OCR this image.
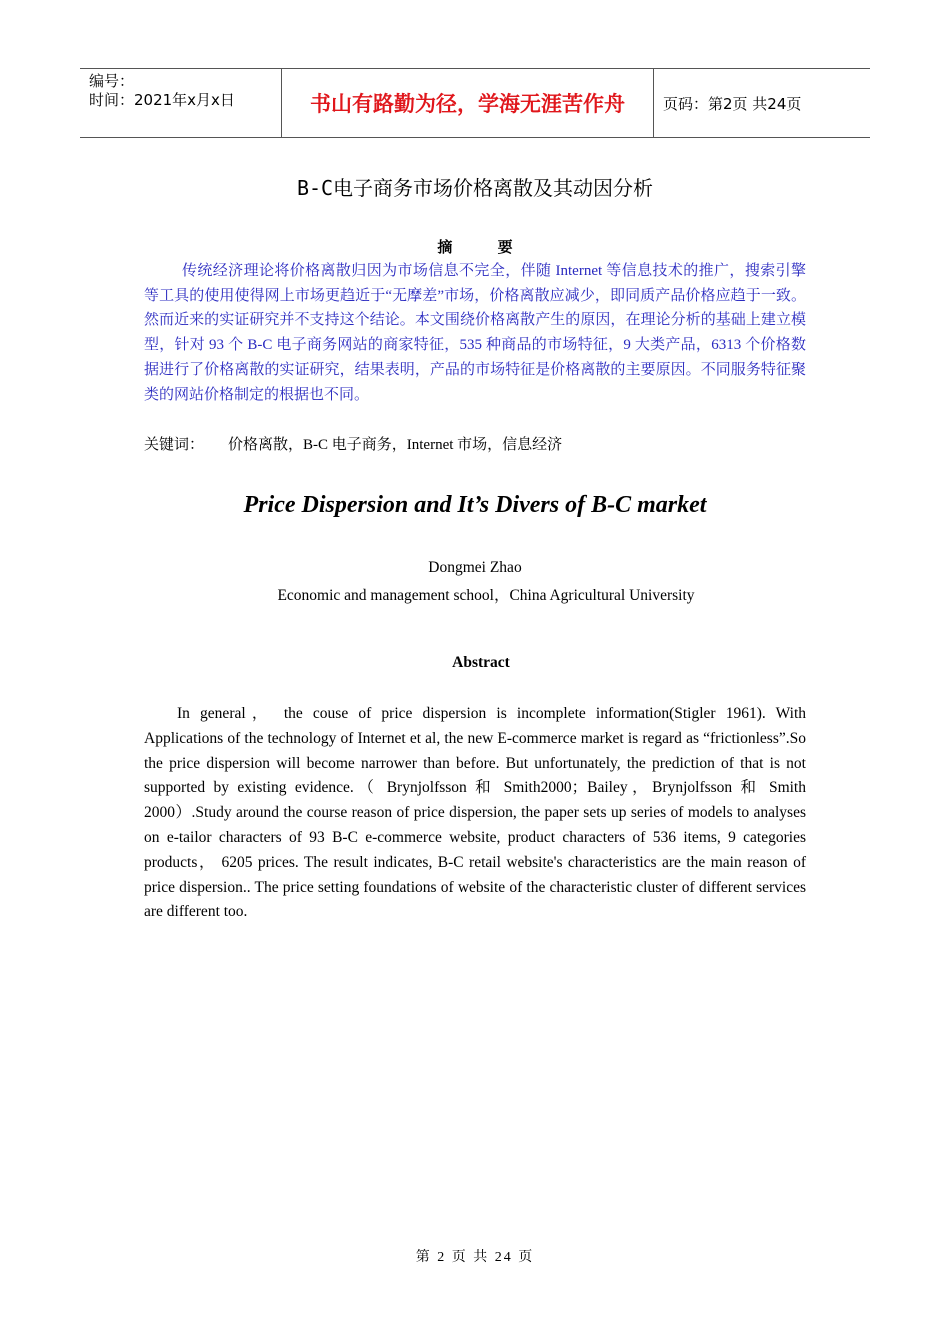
编号：
时间：2021年x月x日	书山有路勤为径，学海无涯苦作舟	页码：第2页 共24页
B-C电子商务市场价格离散及其动因分析
摘 要

传统经济理论将价格离散归因为市场信息不完全，伴随 Internet 等信息技术的推广，搜索引擎等工具的使用使得网上市场更趋近于“无摩差”市场，价格离散应减少，即同质产品价格应趋于一致。然而近来的实证研究并不支持这个结论。本文围绕价格离散产生的原因，在理论分析的基础上建立模型，针对 93 个 B-C 电子商务网站的商家特征，535 种商品的市场特征，9 大类产品，6313 个价格数据进行了价格离散的实证研究，结果表明，产品的市场特征是价格离散的主要原因。不同服务特征聚类的网站价格制定的根据也不同。

关键词： 价格离散，B-C 电子商务，Internet 市场，信息经济
Price Dispersion and It’s Divers of B-C market
Dongmei Zhao
Economic and management school，China Agricultural University
Abstract

In general， the couse of price dispersion is incomplete information(Stigler 1961). With Applications of the technology of Internet et al, the new E-commerce market is regard as “frictionless”.So the price dispersion will become narrower than before. But unfortunately, the prediction of that is not supported by existing evidence.（ Brynjolfsson 和 Smith2000；Bailey，Brynjolfsson 和 Smith 2000）.Study around the course reason of price dispersion, the paper sets up series of models to analyses on e-tailor characters of 93 B-C e-commerce website, product characters of 536 items, 9 categories products， 6205 prices. The result indicates, B-C retail website's characteristics are the main reason of price dispersion.. The price setting foundations of website of the characteristic cluster of different services are different too.

第 2 页 共 24 页
